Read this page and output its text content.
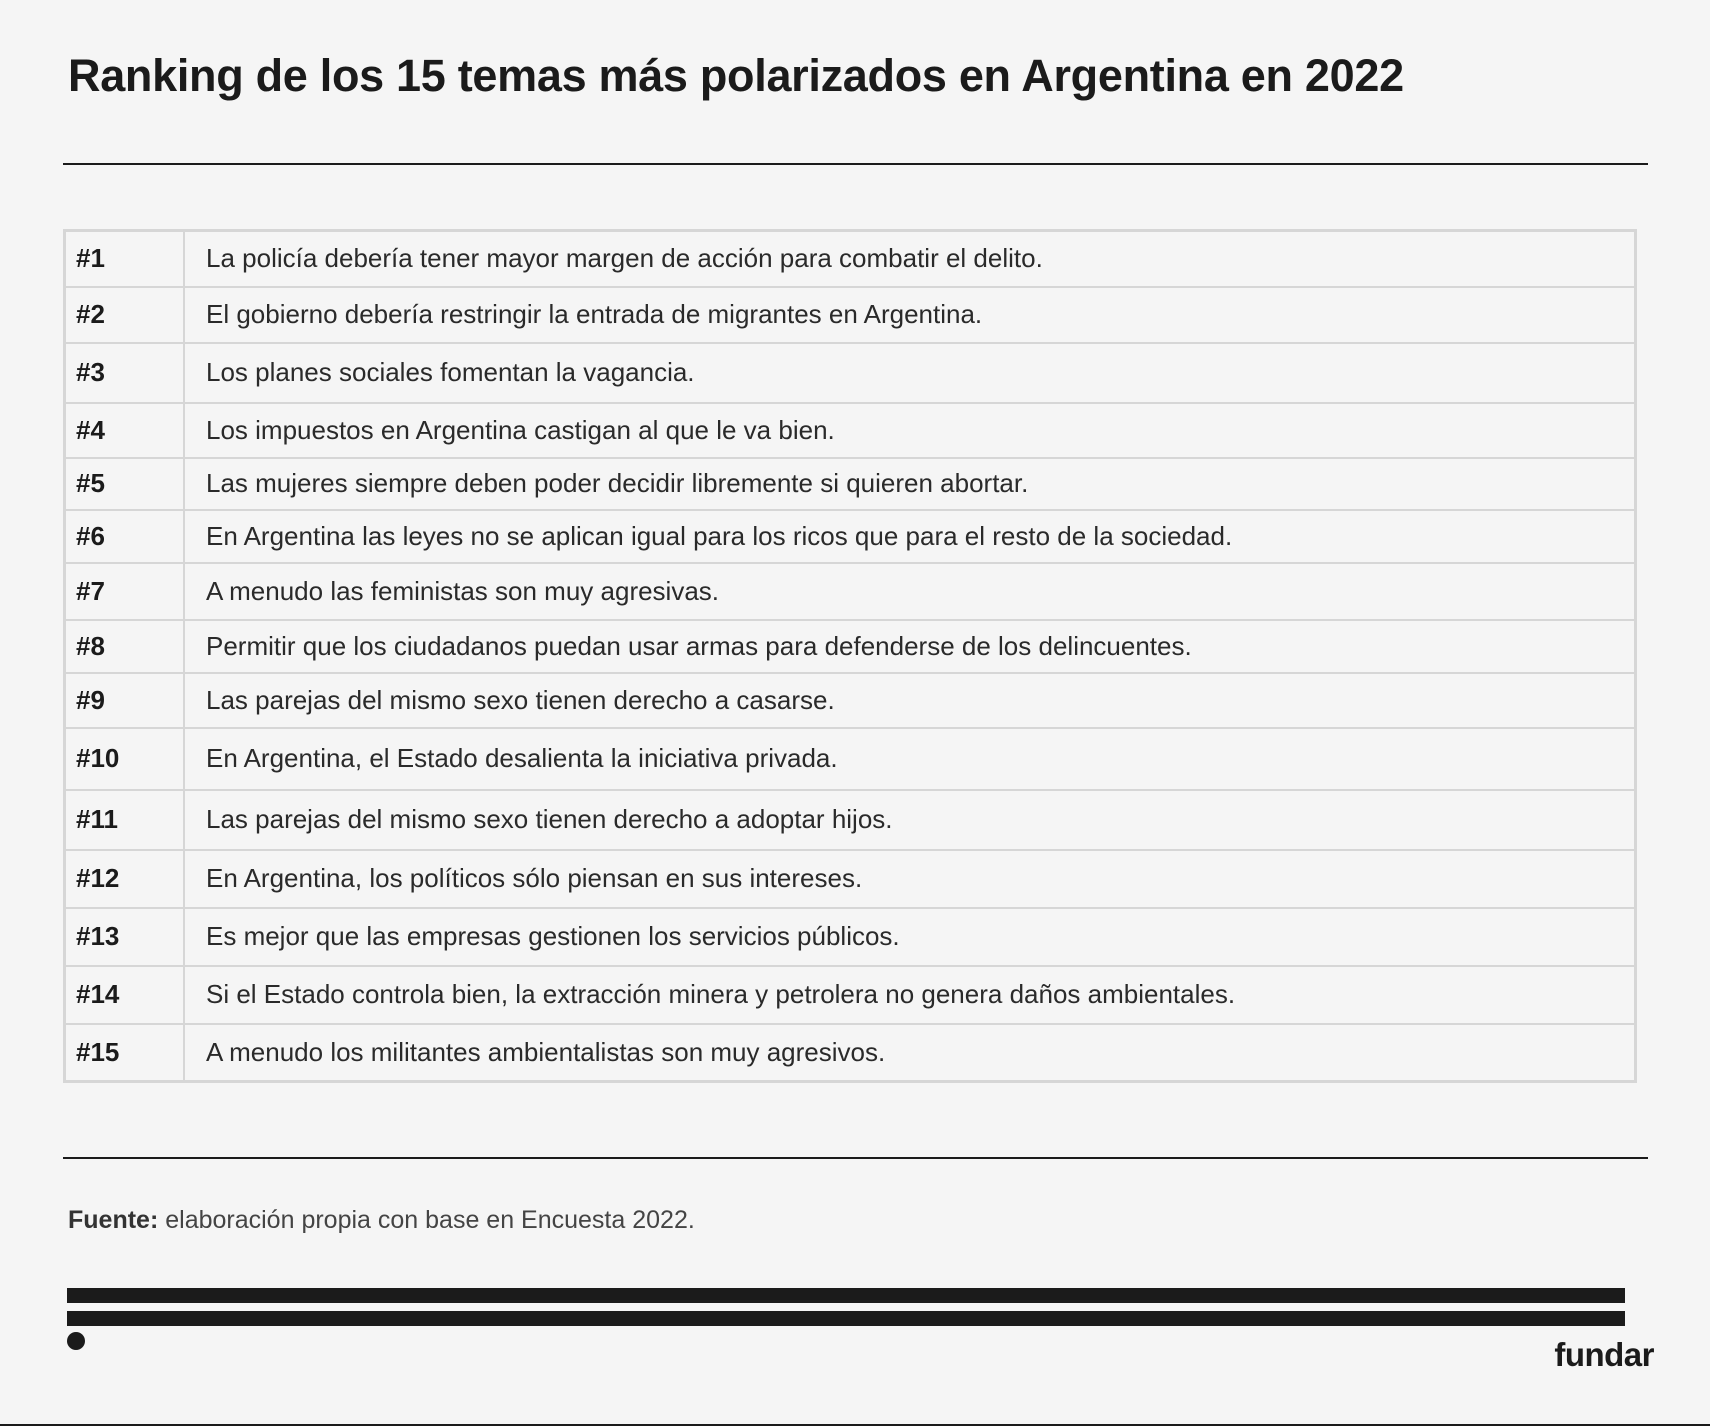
Ranking de los 15 temas más polarizados en Argentina en 2022
#1	La policía debería tener mayor margen de acción para combatir el delito.
#2	El gobierno debería restringir la entrada de migrantes en Argentina.
#3	Los planes sociales fomentan la vagancia.
#4	Los impuestos en Argentina castigan al que le va bien.
#5	Las mujeres siempre deben poder decidir libremente si quieren abortar.
#6	En Argentina las leyes no se aplican igual para los ricos que para el resto de la sociedad.
#7	A menudo las feministas son muy agresivas.
#8	Permitir que los ciudadanos puedan usar armas para defenderse de los delincuentes.
#9	Las parejas del mismo sexo tienen derecho a casarse.
#10	En Argentina, el Estado desalienta la iniciativa privada.
#11	Las parejas del mismo sexo tienen derecho a adoptar hijos.
#12	En Argentina, los políticos sólo piensan en sus intereses.
#13	Es mejor que las empresas gestionen los servicios públicos.
#14	Si el Estado controla bien, la extracción minera y petrolera no genera daños ambientales.
#15	A menudo los militantes ambientalistas son muy agresivos.
Fuente: elaboración propia con base en Encuesta 2022.
fundar
